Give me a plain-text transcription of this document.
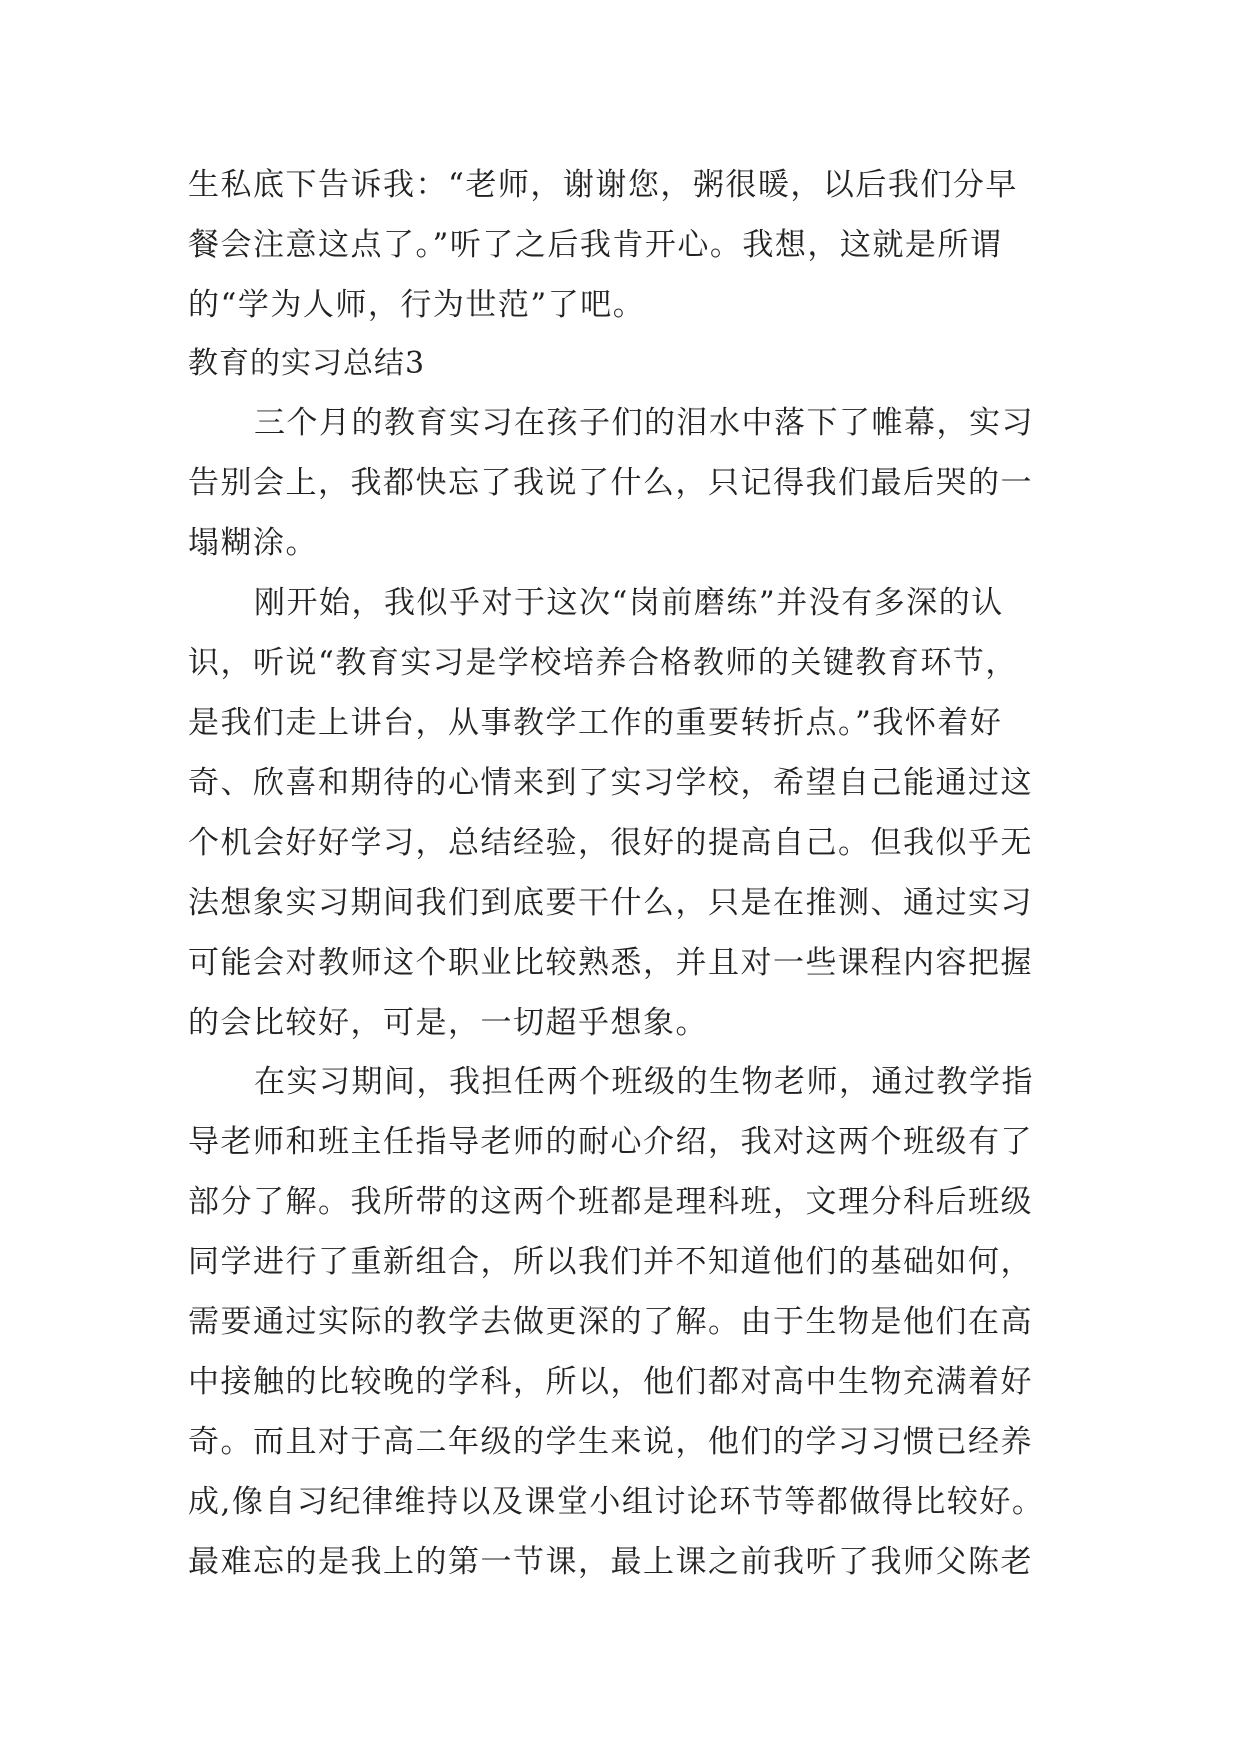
生私底下告诉我：“老师，谢谢您，粥很暖，以后我们分早
餐会注意这点了。”听了之后我肯开心。我想，这就是所谓
的“学为人师，行为世范”了吧。
教育的实习总结3
三个月的教育实习在孩子们的泪水中落下了帷幕，实习
告别会上，我都快忘了我说了什么，只记得我们最后哭的一
塌糊涂。
刚开始，我似乎对于这次“岗前磨练”并没有多深的认
识，听说“教育实习是学校培养合格教师的关键教育环节，
是我们走上讲台，从事教学工作的重要转折点。”我怀着好
奇、欣喜和期待的心情来到了实习学校，希望自己能通过这
个机会好好学习，总结经验，很好的提高自己。但我似乎无
法想象实习期间我们到底要干什么，只是在推测、通过实习
可能会对教师这个职业比较熟悉，并且对一些课程内容把握
的会比较好，可是，一切超乎想象。
在实习期间，我担任两个班级的生物老师，通过教学指
导老师和班主任指导老师的耐心介绍，我对这两个班级有了
部分了解。我所带的这两个班都是理科班，文理分科后班级
同学进行了重新组合，所以我们并不知道他们的基础如何，
需要通过实际的教学去做更深的了解。由于生物是他们在高
中接触的比较晚的学科，所以，他们都对高中生物充满着好
奇。而且对于高二年级的学生来说，他们的学习习惯已经养
成,像自习纪律维持以及课堂小组讨论环节等都做得比较好。
最难忘的是我上的第一节课，最上课之前我听了我师父陈老
